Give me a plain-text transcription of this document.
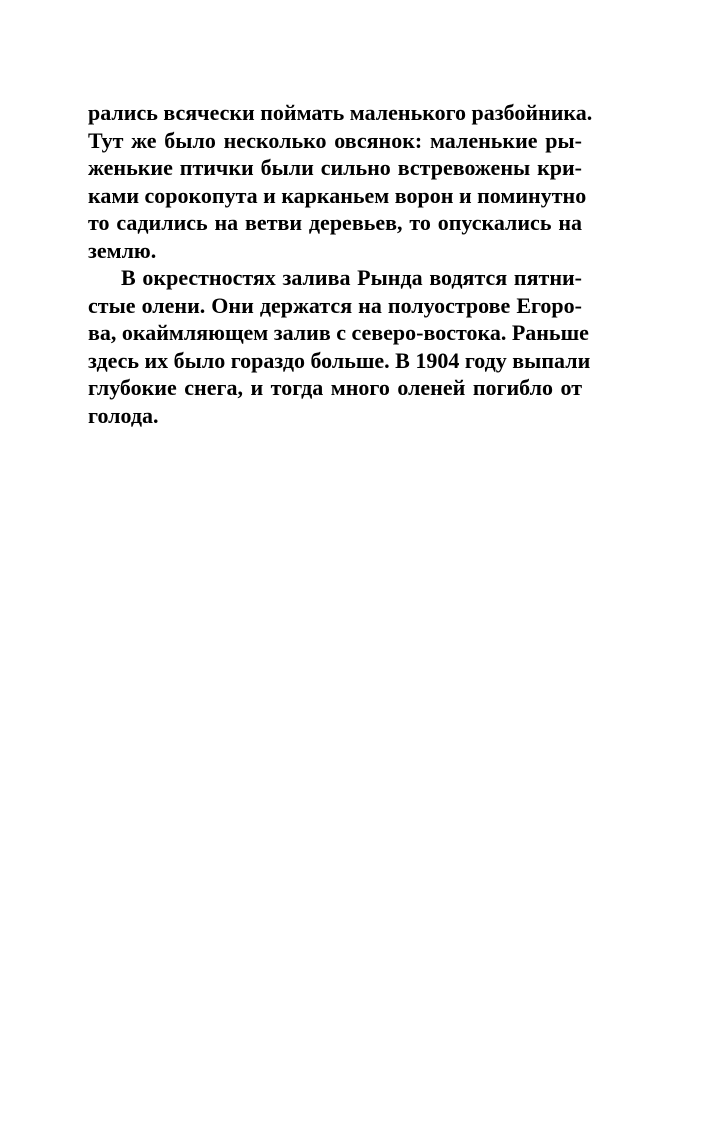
рались всячески поймать маленького разбойника.
Тут же было несколько овсянок: маленькие ры-
женькие птички были сильно встревожены кри-
ками сорокопута и карканьем ворон и поминутно
то садились на ветви деревьев, то опускались на
землю.
В окрестностях залива Рында водятся пятни-
стые олени. Они держатся на полуострове Егоро-
ва, окаймляющем залив с северо-востока. Раньше
здесь их было гораздо больше. В 1904 году выпали
глубокие снега, и тогда много оленей погибло от
голода.
